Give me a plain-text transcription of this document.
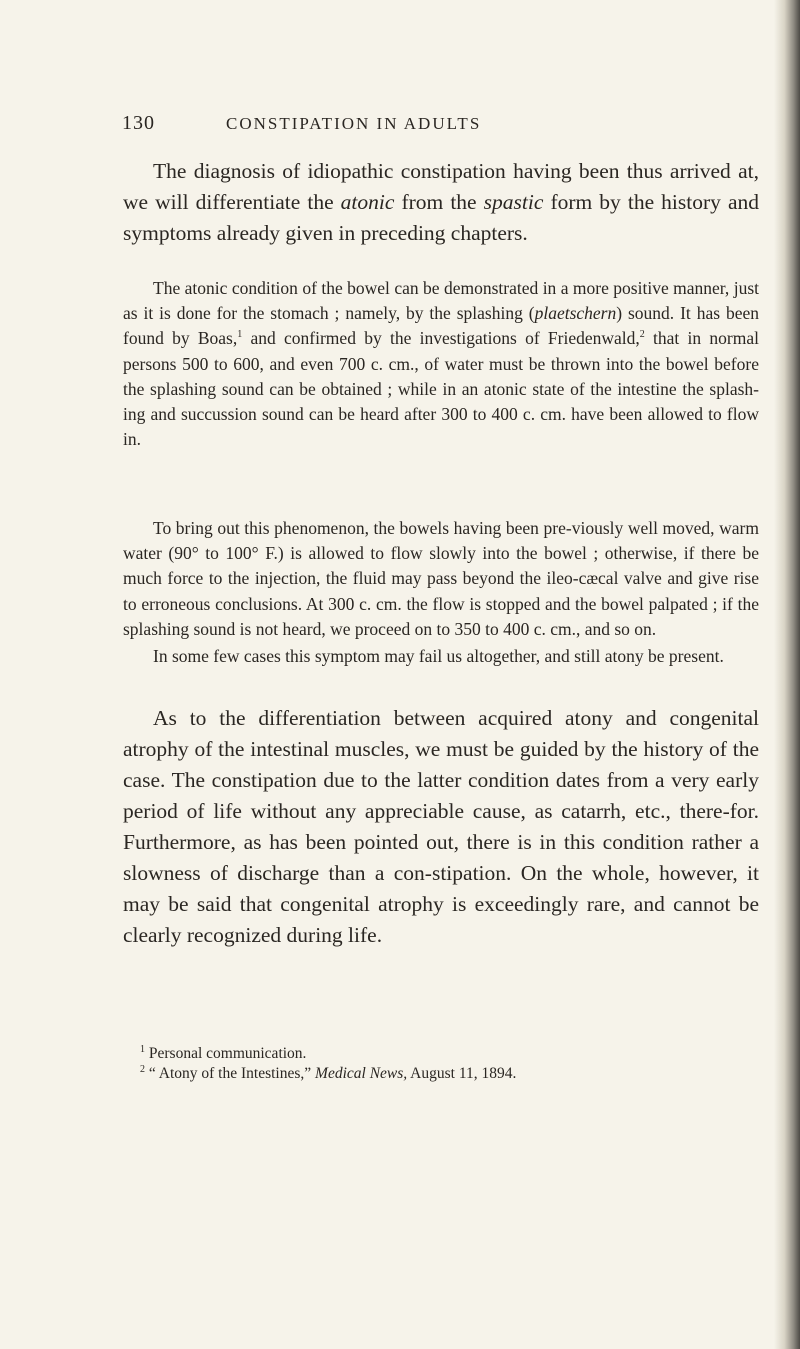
130	CONSTIPATION IN ADULTS

The diagnosis of idiopathic constipation having been thus arrived at, we will differentiate the atonic from the spastic form by the history and symptoms already given in preceding chapters.

The atonic condition of the bowel can be demonstrated in a more positive manner, just as it is done for the stomach ; namely, by the splashing (plaetschern) sound. It has been found by Boas,$^1$ and confirmed by the investigations of Friedenwald,$^2$ that in normal persons 500 to 600, and even 700 c. cm., of water must be thrown into the bowel before the splashing sound can be obtained ; while in an atonic state of the intestine the splash-ing and succussion sound can be heard after 300 to 400 c. cm. have been allowed to flow in.

To bring out this phenomenon, the bowels having been pre-viously well moved, warm water (90° to 100° F.) is allowed to flow slowly into the bowel ; otherwise, if there be much force to the injection, the fluid may pass beyond the ileo-cæcal valve and give rise to erroneous conclusions. At 300 c. cm. the flow is stopped and the bowel palpated ; if the splashing sound is not heard, we proceed on to 350 to 400 c. cm., and so on.

In some few cases this symptom may fail us altogether, and still atony be present.

As to the differentiation between acquired atony and congenital atrophy of the intestinal muscles, we must be guided by the history of the case. The constipation due to the latter condition dates from a very early period of life without any appreciable cause, as catarrh, etc., there-for. Furthermore, as has been pointed out, there is in this condition rather a slowness of discharge than a con-stipation. On the whole, however, it may be said that congenital atrophy is exceedingly rare, and cannot be clearly recognized during life.

$^1$ Personal communication.

$^2$ “ Atony of the Intestines,” Medical News, August 11, 1894.
